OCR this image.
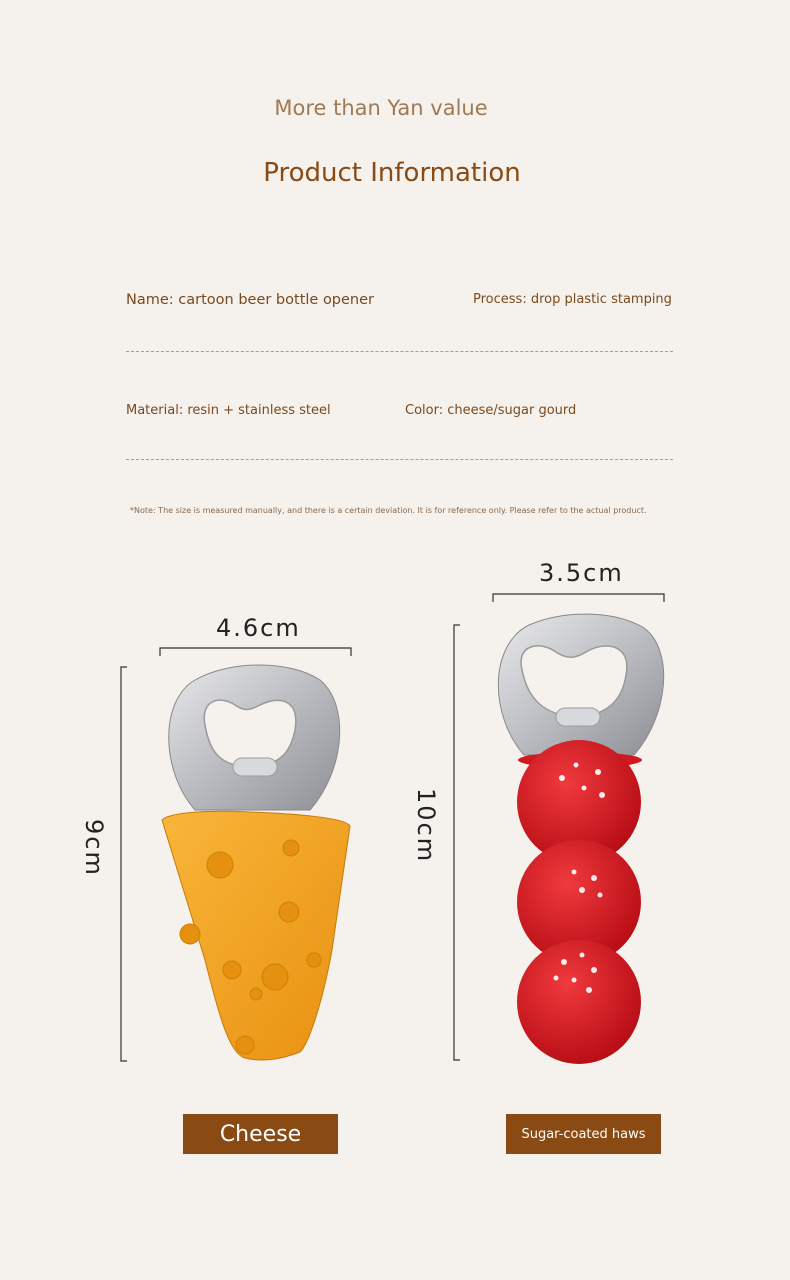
More than Yan value
Product Information
Name: cartoon beer bottle opener	Process: drop plastic stamping
Material: resin + stainless steel	Color: cheese/sugar gourd
*Note: The size is measured manually, and there is a certain deviation. It is for reference only. Please refer to the actual product.
4.6cm
9cm
3.5cm
10cm
Cheese	Sugar-coated haws
